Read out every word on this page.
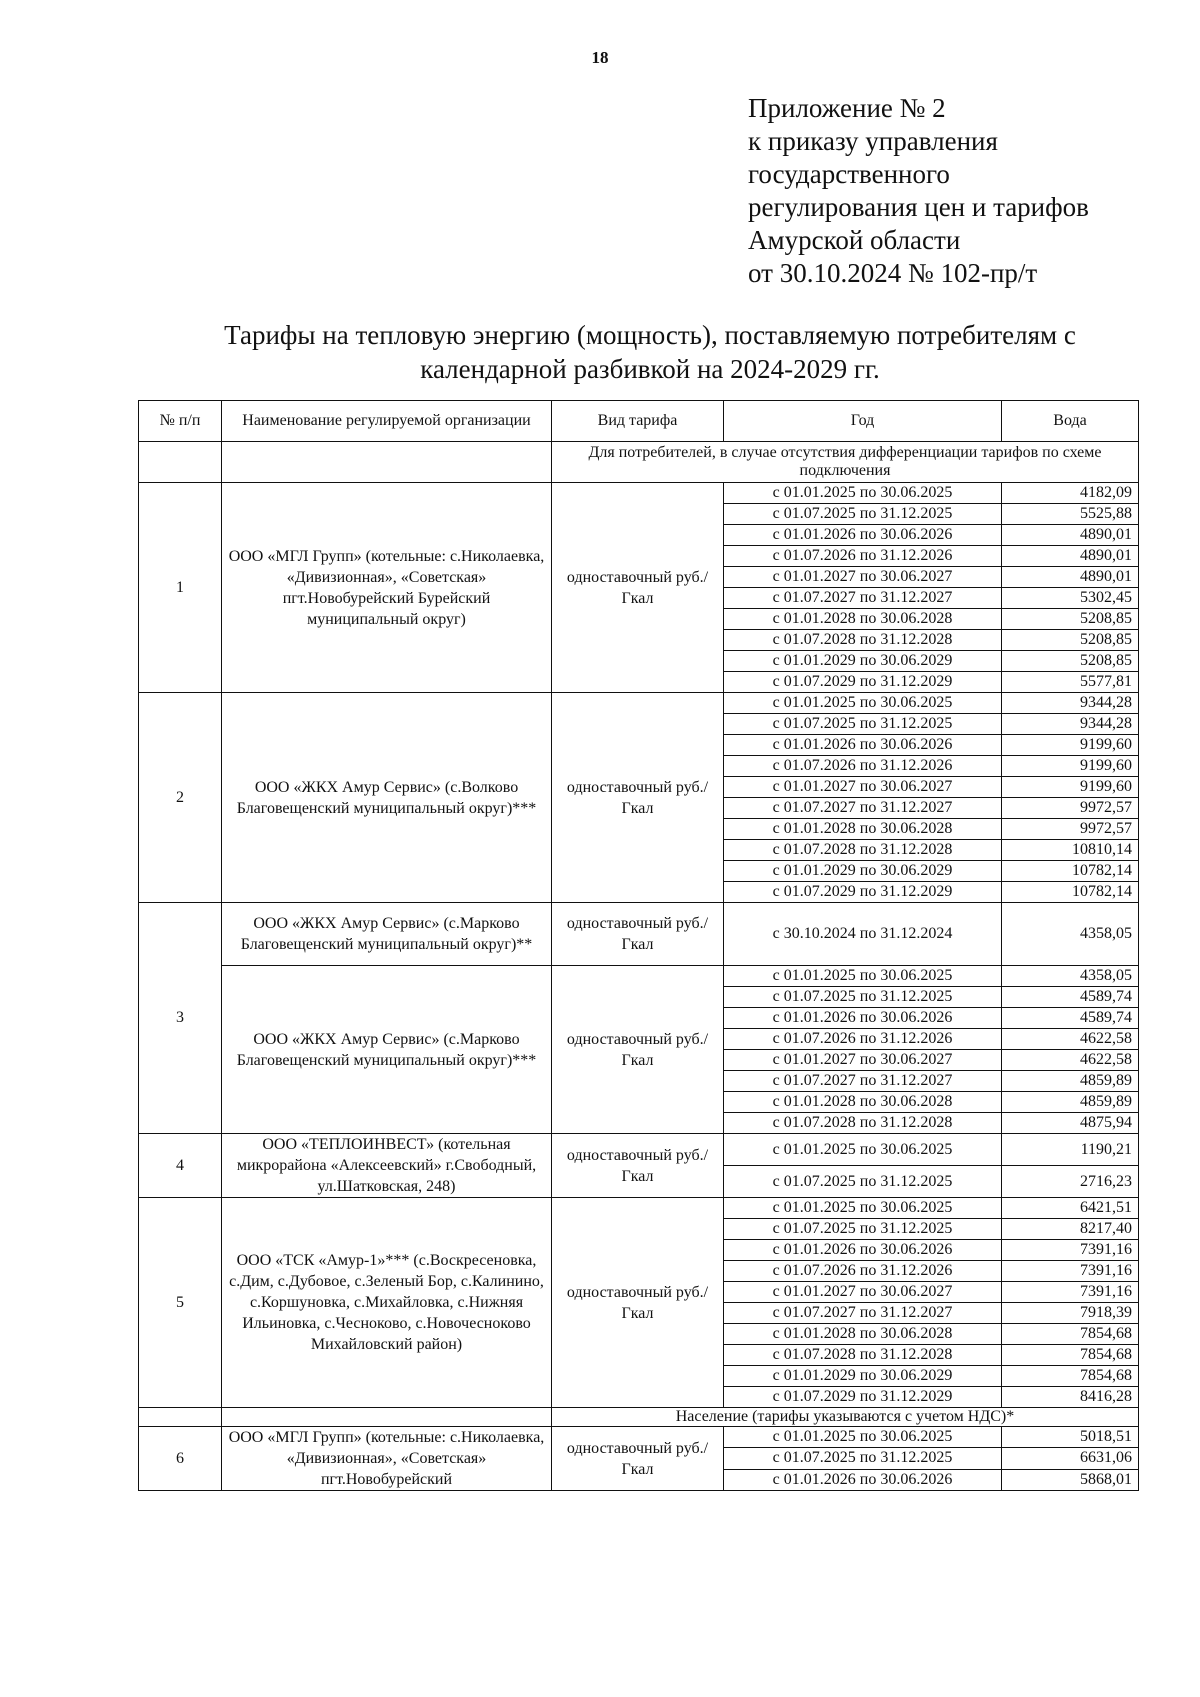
18
Приложение № 2
к приказу управления
государственного
регулирования цен и тарифов
Амурской области
от 30.10.2024 № 102-пр/т
Тарифы на тепловую энергию (мощность), поставляемую потребителям с
календарной разбивкой на 2024-2029 гг.
№ п/п	Наименование регулируемой организации	Вид тарифа	Год	Вода
		Для потребителей, в случае отсутствия дифференциации тарифов по схеме подключения		
1	ООО «МГЛ Групп» (котельные: с.Николаевка, «Дивизионная», «Советская» пгт.Новобурейский Бурейский муниципальный округ)	одноставочный руб./Гкал	с 01.01.2025 по 30.06.2025	4182,09
			с 01.07.2025 по 31.12.2025	5525,88
			с 01.01.2026 по 30.06.2026	4890,01
			с 01.07.2026 по 31.12.2026	4890,01
			с 01.01.2027 по 30.06.2027	4890,01
			с 01.07.2027 по 31.12.2027	5302,45
			с 01.01.2028 по 30.06.2028	5208,85
			с 01.07.2028 по 31.12.2028	5208,85
			с 01.01.2029 по 30.06.2029	5208,85
			с 01.07.2029 по 31.12.2029	5577,81
2	ООО «ЖКХ Амур Сервис» (с.Волково Благовещенский муниципальный округ)***	одноставочный руб./Гкал	с 01.01.2025 по 30.06.2025	9344,28
			с 01.07.2025 по 31.12.2025	9344,28
			с 01.01.2026 по 30.06.2026	9199,60
			с 01.07.2026 по 31.12.2026	9199,60
			с 01.01.2027 по 30.06.2027	9199,60
			с 01.07.2027 по 31.12.2027	9972,57
			с 01.01.2028 по 30.06.2028	9972,57
			с 01.07.2028 по 31.12.2028	10810,14
			с 01.01.2029 по 30.06.2029	10782,14
			с 01.07.2029 по 31.12.2029	10782,14
3	ООО «ЖКХ Амур Сервис» (с.Марково Благовещенский муниципальный округ)**	одноставочный руб./Гкал	с 30.10.2024 по 31.12.2024	4358,05
	ООО «ЖКХ Амур Сервис» (с.Марково Благовещенский муниципальный округ)***	одноставочный руб./Гкал	с 01.01.2025 по 30.06.2025	4358,05
			с 01.07.2025 по 31.12.2025	4589,74
			с 01.01.2026 по 30.06.2026	4589,74
			с 01.07.2026 по 31.12.2026	4622,58
			с 01.01.2027 по 30.06.2027	4622,58
			с 01.07.2027 по 31.12.2027	4859,89
			с 01.01.2028 по 30.06.2028	4859,89
			с 01.07.2028 по 31.12.2028	4875,94
4	ООО «ТЕПЛОИНВЕСТ» (котельная микрорайона «Алексеевский» г.Свободный, ул.Шатковская, 248)	одноставочный руб./Гкал	с 01.01.2025 по 30.06.2025	1190,21
			с 01.07.2025 по 31.12.2025	2716,23
5	ООО «ТСК «Амур-1»*** (с.Воскресеновка, с.Дим, с.Дубовое, с.Зеленый Бор, с.Калинино, с.Коршуновка, с.Михайловка, с.Нижняя Ильиновка, с.Чесноково, с.Новочесноково Михайловский район)	одноставочный руб./Гкал	с 01.01.2025 по 30.06.2025	6421,51
			с 01.07.2025 по 31.12.2025	8217,40
			с 01.01.2026 по 30.06.2026	7391,16
			с 01.07.2026 по 31.12.2026	7391,16
			с 01.01.2027 по 30.06.2027	7391,16
			с 01.07.2027 по 31.12.2027	7918,39
			с 01.01.2028 по 30.06.2028	7854,68
			с 01.07.2028 по 31.12.2028	7854,68
			с 01.01.2029 по 30.06.2029	7854,68
			с 01.07.2029 по 31.12.2029	8416,28
		Население (тарифы указываются с учетом НДС)*		
6	ООО «МГЛ Групп» (котельные: с.Николаевка, «Дивизионная», «Советская» пгт.Новобурейский	одноставочный руб./Гкал	с 01.01.2025 по 30.06.2025	5018,51
			с 01.07.2025 по 31.12.2025	6631,06
			с 01.01.2026 по 30.06.2026	5868,01
